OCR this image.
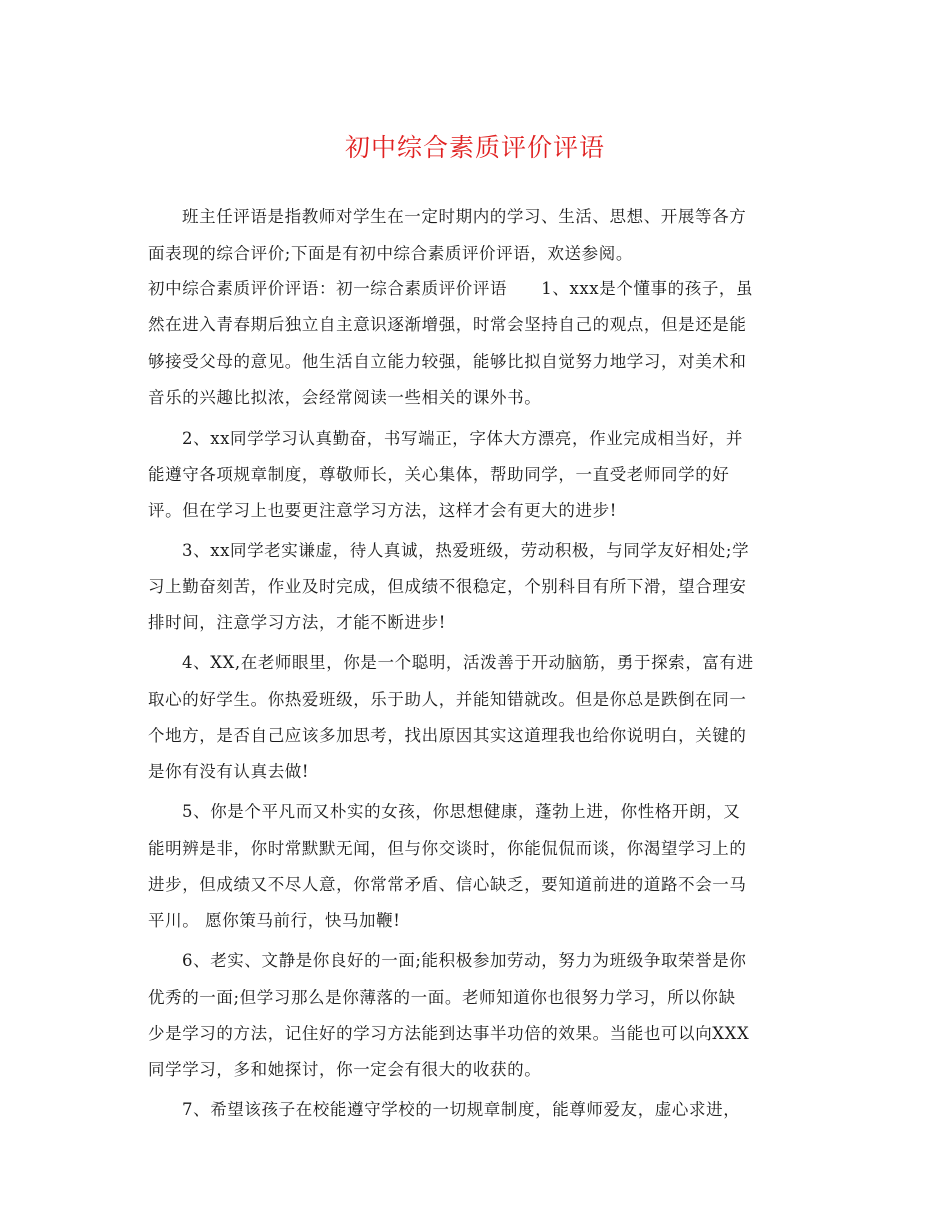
初中综合素质评价评语
班主任评语是指教师对学生在一定时期内的学习、生活、思想、开展等各方
面表现的综合评价;下面是有初中综合素质评价评语，欢送参阅。
初中综合素质评价评语：初一综合素质评价评语　　1、xxx是个懂事的孩子，虽
然在进入青春期后独立自主意识逐渐增强，时常会坚持自己的观点，但是还是能
够接受父母的意见。他生活自立能力较强，能够比拟自觉努力地学习，对美术和
音乐的兴趣比拟浓，会经常阅读一些相关的课外书。
2、xx同学学习认真勤奋，书写端正，字体大方漂亮，作业完成相当好，并
能遵守各项规章制度，尊敬师长，关心集体，帮助同学，一直受老师同学的好
评。但在学习上也要更注意学习方法，这样才会有更大的进步!
3、xx同学老实谦虚，待人真诚，热爱班级，劳动积极，与同学友好相处;学
习上勤奋刻苦，作业及时完成，但成绩不很稳定，个别科目有所下滑，望合理安
排时间，注意学习方法，才能不断进步!
4、XX,在老师眼里，你是一个聪明，活泼善于开动脑筋，勇于探索，富有进
取心的好学生。你热爱班级，乐于助人，并能知错就改。但是你总是跌倒在同一
个地方，是否自己应该多加思考，找出原因其实这道理我也给你说明白，关键的
是你有没有认真去做!
5、你是个平凡而又朴实的女孩，你思想健康，蓬勃上进，你性格开朗，又
能明辨是非，你时常默默无闻，但与你交谈时，你能侃侃而谈，你渴望学习上的
进步，但成绩又不尽人意，你常常矛盾、信心缺乏，要知道前进的道路不会一马
平川。 愿你策马前行，快马加鞭!
6、老实、文静是你良好的一面;能积极参加劳动，努力为班级争取荣誉是你
优秀的一面;但学习那么是你薄落的一面。老师知道你也很努力学习，所以你缺
少是学习的方法，记住好的学习方法能到达事半功倍的效果。当能也可以向XXX
同学学习，多和她探讨，你一定会有很大的收获的。
7、希望该孩子在校能遵守学校的一切规章制度，能尊师爱友，虚心求进，
